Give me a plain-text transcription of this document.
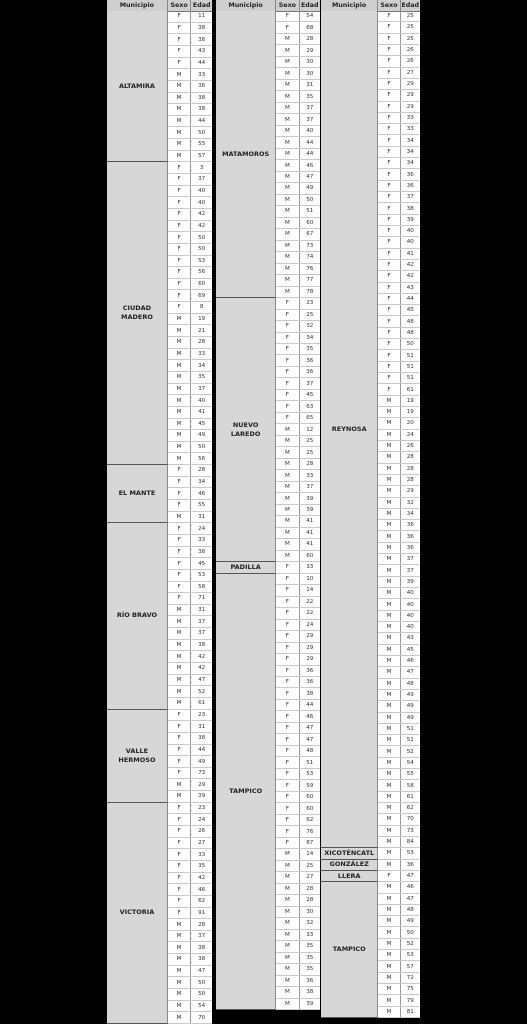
Municipio	Sexo Edad
ALTAMIRA
F	11
F	38
F	38
F	43
F	44
M	33
M	36
M	38
M	38
M	44
M	50
M	55
M	57
CIUDAD
MADERO
F	3
F	37
F	40
F	40
F	42
F	42
F	50
F	50
F	53
F	56
F	60
F	69
F	8
M	19
M	21
M	28
M	33
M	34
M	35
M	37
M	40
M	41
M	45
M	49
M	50
M	56
EL MANTE
F	28
F	34
F	46
F	55
M	31
RÍO BRAVO
F	24
F	33
F	38
F	45
F	53
F	58
F	71
M	31
M	37
M	37
M	38
M	42
M	42
M	47
M	52
M	61
VALLE
HERMOSO
F	23
F	31
F	38
F	44
F	49
F	73
M	29
M	39
VICTORIA
F	23
F	24
F	26
F	27
F	33
F	35
F	42
F	46
F	62
F	91
M	28
M	37
M	38
M	38
M	47
M	50
M	50
M	54
M	70
Municipio	Sexo Edad
MATAMOROS
F	54
F	68
M	28
M	29
M	30
M	30
M	31
M	35
M	37
M	37
M	40
M	44
M	44
M	46
M	47
M	49
M	50
M	51
M	60
M	67
M	73
M	74
M	76
M	77
M	78
NUEVO
LAREDO
F	23
F	25
F	32
F	34
F	35
F	36
F	36
F	37
F	45
F	63
F	65
M	12
M	25
M	25
M	28
M	33
M	37
M	39
M	39
M	41
M	41
M	41
M	60
PADILLA	F	33
TAMPICO
F	10
F	14
F	22
F	22
F	24
F	29
F	29
F	29
F	36
F	36
F	38
F	44
F	46
F	47
F	47
F	48
F	51
F	53
F	59
F	60
F	60
F	62
F	76
F	87
M	14
M	25
M	27
M	28
M	28
M	30
M	32
M	33
M	35
M	35
M	35
M	36
M	38
M	39
Municipio	Sexo Edad
REYNOSA
F	25
F	25
F	25
F	26
F	26
F	27
F	29
F	29
F	29
F	33
F	33
F	34
F	34
F	34
F	36
F	36
F	37
F	38
F	39
F	40
F	40
F	41
F	42
F	42
F	43
F	44
F	45
F	48
F	48
F	50
F	51
F	51
F	51
F	61
M	19
M	19
M	20
M	24
M	26
M	28
M	28
M	28
M	29
M	32
M	34
M	36
M	36
M	36
M	37
M	37
M	39
M	40
M	40
M	40
M	40
M	43
M	45
M	46
M	47
M	48
M	49
M	49
M	49
M	51
M	51
M	52
M	54
M	55
M	58
M	61
M	62
M	70
M	73
M	84
XICOTÉNCATL	M	53
GONZÁLEZ	M	36
LLERA	F	47
TAMPICO
M	46
M	47
M	48
M	49
M	50
M	52
M	53
M	57
M	72
M	75
M	79
M	81
